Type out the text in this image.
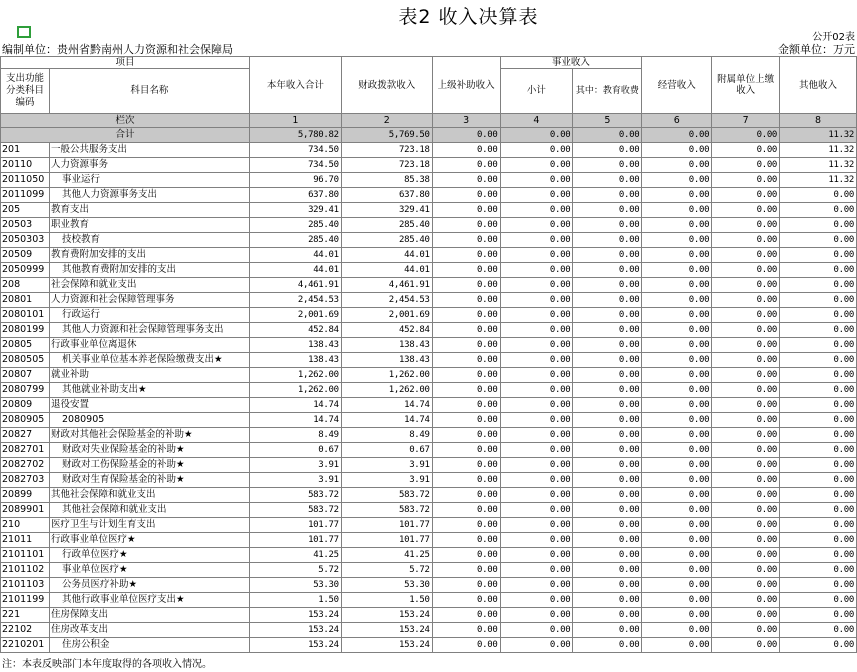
表2 收入决算表
公开02表
编制单位：贵州省黔南州人力资源和社会保障局	金额单位：万元
项目		本年收入合计	财政拨款收入	上级补助收入	事业收入		经营收入	附属单位上缴收入	其他收入
支出功能分类科目编码	科目名称				小计	其中：教育收费			

栏次		1	2	3	4	5	6	7	8
合计		5,780.82	5,769.50	0.00	0.00	0.00	0.00	0.00	11.32
201	一般公共服务支出	734.50	723.18	0.00	0.00	0.00	0.00	0.00	11.32
20110	人力资源事务	734.50	723.18	0.00	0.00	0.00	0.00	0.00	11.32
2011050	事业运行	96.70	85.38	0.00	0.00	0.00	0.00	0.00	11.32
2011099	其他人力资源事务支出	637.80	637.80	0.00	0.00	0.00	0.00	0.00	0.00
205	教育支出	329.41	329.41	0.00	0.00	0.00	0.00	0.00	0.00
20503	职业教育	285.40	285.40	0.00	0.00	0.00	0.00	0.00	0.00
2050303	技校教育	285.40	285.40	0.00	0.00	0.00	0.00	0.00	0.00
20509	教育费附加安排的支出	44.01	44.01	0.00	0.00	0.00	0.00	0.00	0.00
2050999	其他教育费附加安排的支出	44.01	44.01	0.00	0.00	0.00	0.00	0.00	0.00
208	社会保障和就业支出	4,461.91	4,461.91	0.00	0.00	0.00	0.00	0.00	0.00
20801	人力资源和社会保障管理事务	2,454.53	2,454.53	0.00	0.00	0.00	0.00	0.00	0.00
2080101	行政运行	2,001.69	2,001.69	0.00	0.00	0.00	0.00	0.00	0.00
2080199	其他人力资源和社会保障管理事务支出	452.84	452.84	0.00	0.00	0.00	0.00	0.00	0.00
20805	行政事业单位离退休	138.43	138.43	0.00	0.00	0.00	0.00	0.00	0.00
2080505	机关事业单位基本养老保险缴费支出★	138.43	138.43	0.00	0.00	0.00	0.00	0.00	0.00
20807	就业补助	1,262.00	1,262.00	0.00	0.00	0.00	0.00	0.00	0.00
2080799	其他就业补助支出★	1,262.00	1,262.00	0.00	0.00	0.00	0.00	0.00	0.00
20809	退役安置	14.74	14.74	0.00	0.00	0.00	0.00	0.00	0.00
2080905	2080905	14.74	14.74	0.00	0.00	0.00	0.00	0.00	0.00
20827	财政对其他社会保险基金的补助★	8.49	8.49	0.00	0.00	0.00	0.00	0.00	0.00
2082701	财政对失业保险基金的补助★	0.67	0.67	0.00	0.00	0.00	0.00	0.00	0.00
2082702	财政对工伤保险基金的补助★	3.91	3.91	0.00	0.00	0.00	0.00	0.00	0.00
2082703	财政对生育保险基金的补助★	3.91	3.91	0.00	0.00	0.00	0.00	0.00	0.00
20899	其他社会保障和就业支出	583.72	583.72	0.00	0.00	0.00	0.00	0.00	0.00
2089901	其他社会保障和就业支出	583.72	583.72	0.00	0.00	0.00	0.00	0.00	0.00
210	医疗卫生与计划生育支出	101.77	101.77	0.00	0.00	0.00	0.00	0.00	0.00
21011	行政事业单位医疗★	101.77	101.77	0.00	0.00	0.00	0.00	0.00	0.00
2101101	行政单位医疗★	41.25	41.25	0.00	0.00	0.00	0.00	0.00	0.00
2101102	事业单位医疗★	5.72	5.72	0.00	0.00	0.00	0.00	0.00	0.00
2101103	公务员医疗补助★	53.30	53.30	0.00	0.00	0.00	0.00	0.00	0.00
2101199	其他行政事业单位医疗支出★	1.50	1.50	0.00	0.00	0.00	0.00	0.00	0.00
221	住房保障支出	153.24	153.24	0.00	0.00	0.00	0.00	0.00	0.00
22102	住房改革支出	153.24	153.24	0.00	0.00	0.00	0.00	0.00	0.00
2210201	住房公积金	153.24	153.24	0.00	0.00	0.00	0.00	0.00	0.00
注：本表反映部门本年度取得的各项收入情况。
